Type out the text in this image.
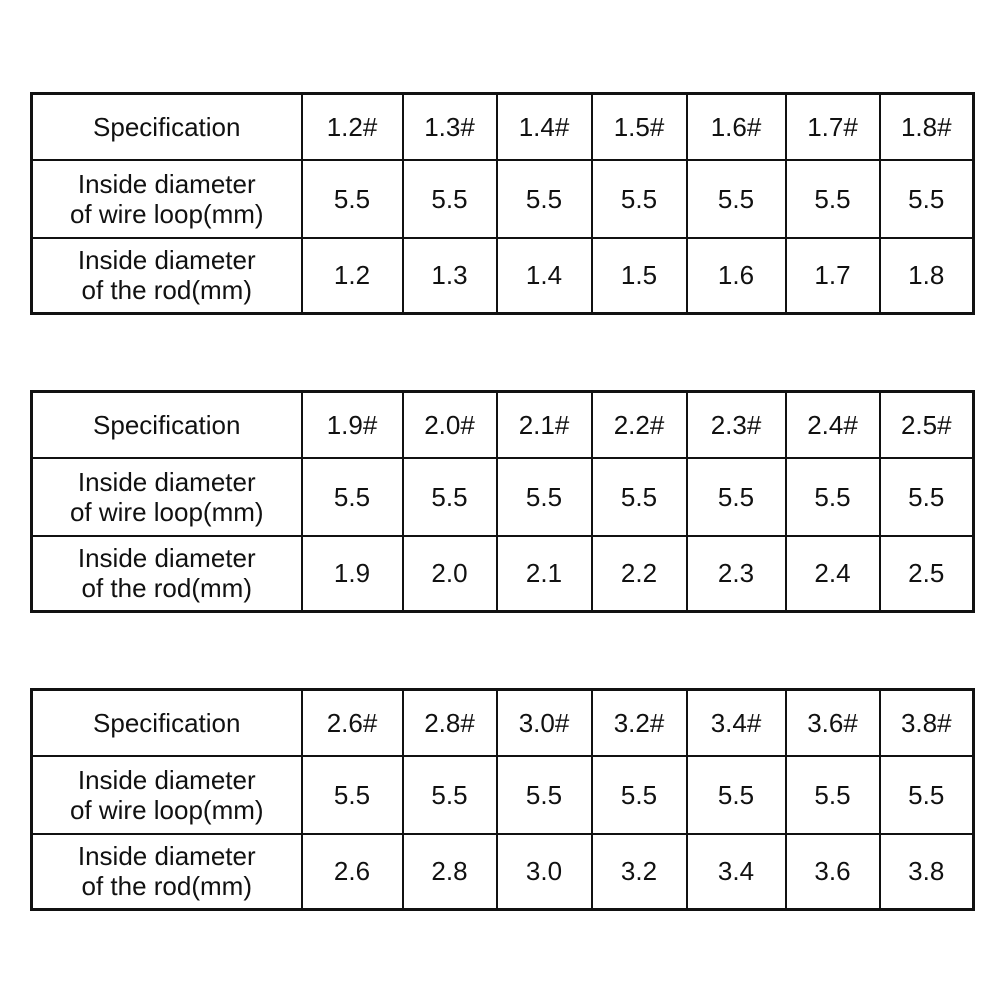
Specification	1.2#	1.3#	1.4#	1.5#	1.6#	1.7#	1.8#

Inside diameter
of wire loop(mm)	5.5	5.5	5.5	5.5	5.5	5.5	5.5

Inside diameter
of the rod(mm)	1.2	1.3	1.4	1.5	1.6	1.7	1.8
Specification	1.9#	2.0#	2.1#	2.2#	2.3#	2.4#	2.5#

Inside diameter
of wire loop(mm)	5.5	5.5	5.5	5.5	5.5	5.5	5.5

Inside diameter
of the rod(mm)	1.9	2.0	2.1	2.2	2.3	2.4	2.5
Specification	2.6#	2.8#	3.0#	3.2#	3.4#	3.6#	3.8#

Inside diameter
of wire loop(mm)	5.5	5.5	5.5	5.5	5.5	5.5	5.5

Inside diameter
of the rod(mm)	2.6	2.8	3.0	3.2	3.4	3.6	3.8
